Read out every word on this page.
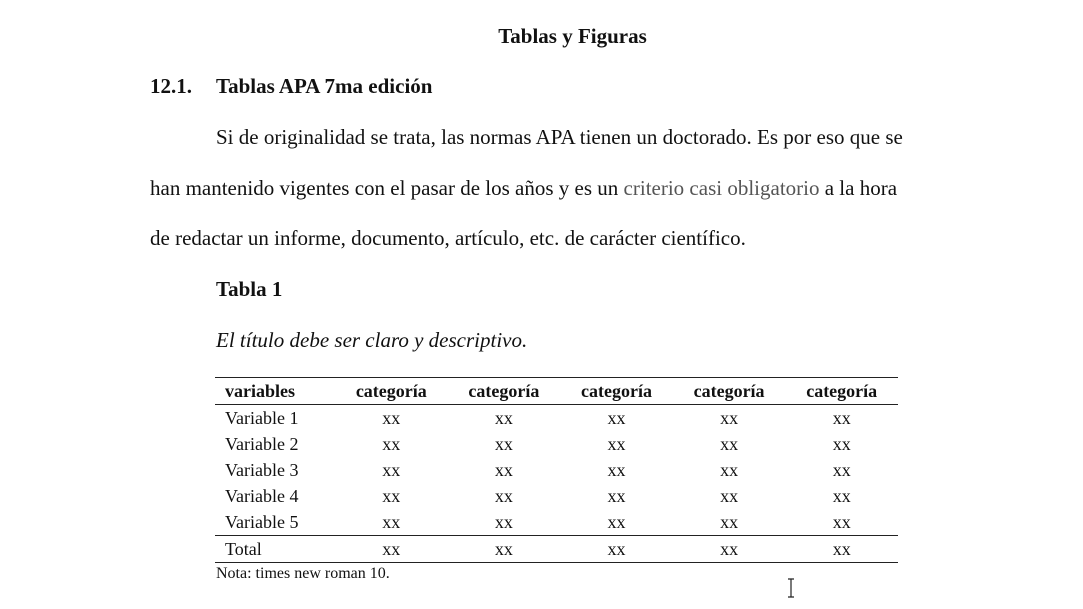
Tablas y Figuras
12.1. Tablas APA 7ma edición
Si de originalidad se trata, las normas APA tienen un doctorado. Es por eso que se
han mantenido vigentes con el pasar de los años y es un criterio casi obligatorio a la hora
de redactar un informe, documento, artículo, etc. de carácter científico.
Tabla 1
El título debe ser claro y descriptivo.
variables	categoría	categoría	categoría	categoría	categoría
Variable 1	xx	xx	xx	xx	xx
Variable 2	xx	xx	xx	xx	xx
Variable 3	xx	xx	xx	xx	xx
Variable 4	xx	xx	xx	xx	xx
Variable 5	xx	xx	xx	xx	xx
Total	xx	xx	xx	xx	xx
Nota: times new roman 10.
